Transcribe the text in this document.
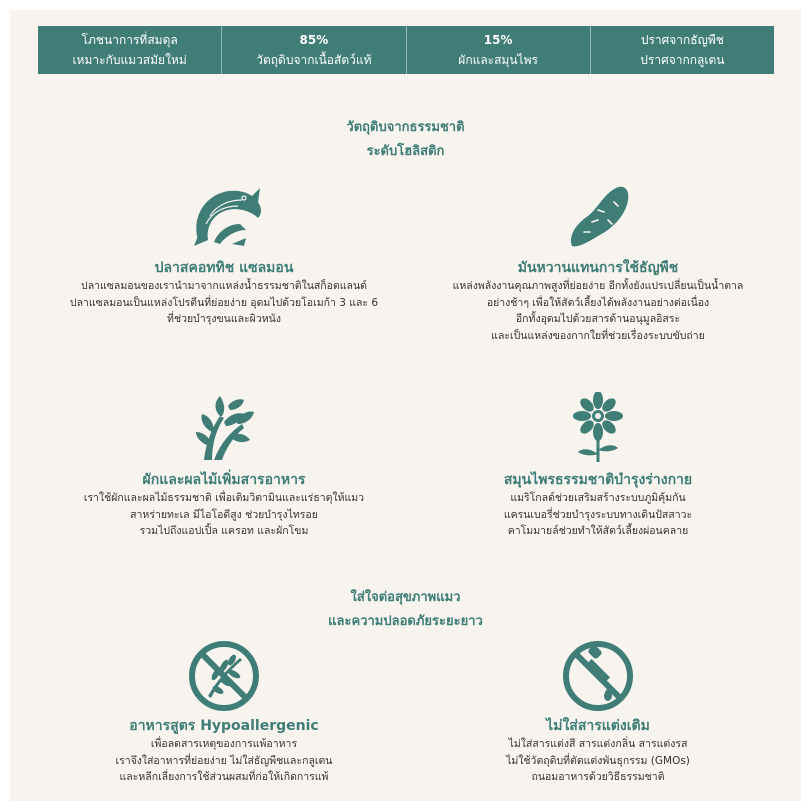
โภชนาการที่สมดุล
เหมาะกับแมวสมัยใหม่
85%
วัตถุดิบจากเนื้อสัตว์แท้
15%
ผักและสมุนไพร
ปราศจากธัญพืช
ปราศจากกลูเตน
วัตถุดิบจากธรรมชาติ
ระดับโฮลิสติก
ปลาสคอททิช แซลมอน
ปลาแซลมอนของเรานำมาจากแหล่งน้ำธรรมชาติในสก็อตแลนด์
ปลาแซลมอนเป็นแหล่งโปรตีนที่ย่อยง่าย อุดมไปด้วยโอเมก้า 3 และ 6
ที่ช่วยบำรุงขนและผิวหนัง
มันหวานแทนการใช้ธัญพืช
แหล่งพลังงานคุณภาพสูงที่ย่อยง่าย อีกทั้งยังแปรเปลี่ยนเป็นน้ำตาล
อย่างช้าๆ เพื่อให้สัตว์เลี้ยงได้พลังงานอย่างต่อเนื่อง
อีกทั้งอุดมไปด้วยสารต้านอนุมูลอิสระ
และเป็นแหล่งของกากใยที่ช่วยเรื่องระบบขับถ่าย
ผักและผลไม้เพิ่มสารอาหาร
เราใช้ผักและผลไม้ธรรมชาติ เพื่อเติมวิตามินและแร่ธาตุให้แมว
สาหร่ายทะเล มีไอโอดีสูง ช่วยบำรุงไทรอย
รวมไปถึงแอปเปิ้ล แครอท และผักโขม
สมุนไพรธรรมชาติบำรุงร่างกาย
แมริโกลด์ช่วยเสริมสร้างระบบภูมิคุ้มกัน
แครนเบอรี่ช่วยบำรุงระบบทางเดินปัสสาวะ
คาโมมายล์ช่วยทำให้สัตว์เลี้ยงผ่อนคลาย
ใส่ใจต่อสุขภาพแมว
และความปลอดภัยระยะยาว
อาหารสูตร Hypoallergenic
เพื่อลดสารเหตุของการแพ้อาหาร
เราจึงใส่อาหารที่ย่อยง่าย ไม่ใส่ธัญพืชและกลูเตน
และหลีกเลี่ยงการใช้ส่วนผสมที่ก่อให้เกิดการแพ้
ไม่ใส่สารแต่งเติม
ไม่ใส่สารแต่งสี สารแต่งกลิ่น สารแต่งรส
ไม่ใช้วัตถุดิบที่ตัดแต่งพันธุกรรม (GMOs)
ถนอมอาหารด้วยวิธีธรรมชาติ
